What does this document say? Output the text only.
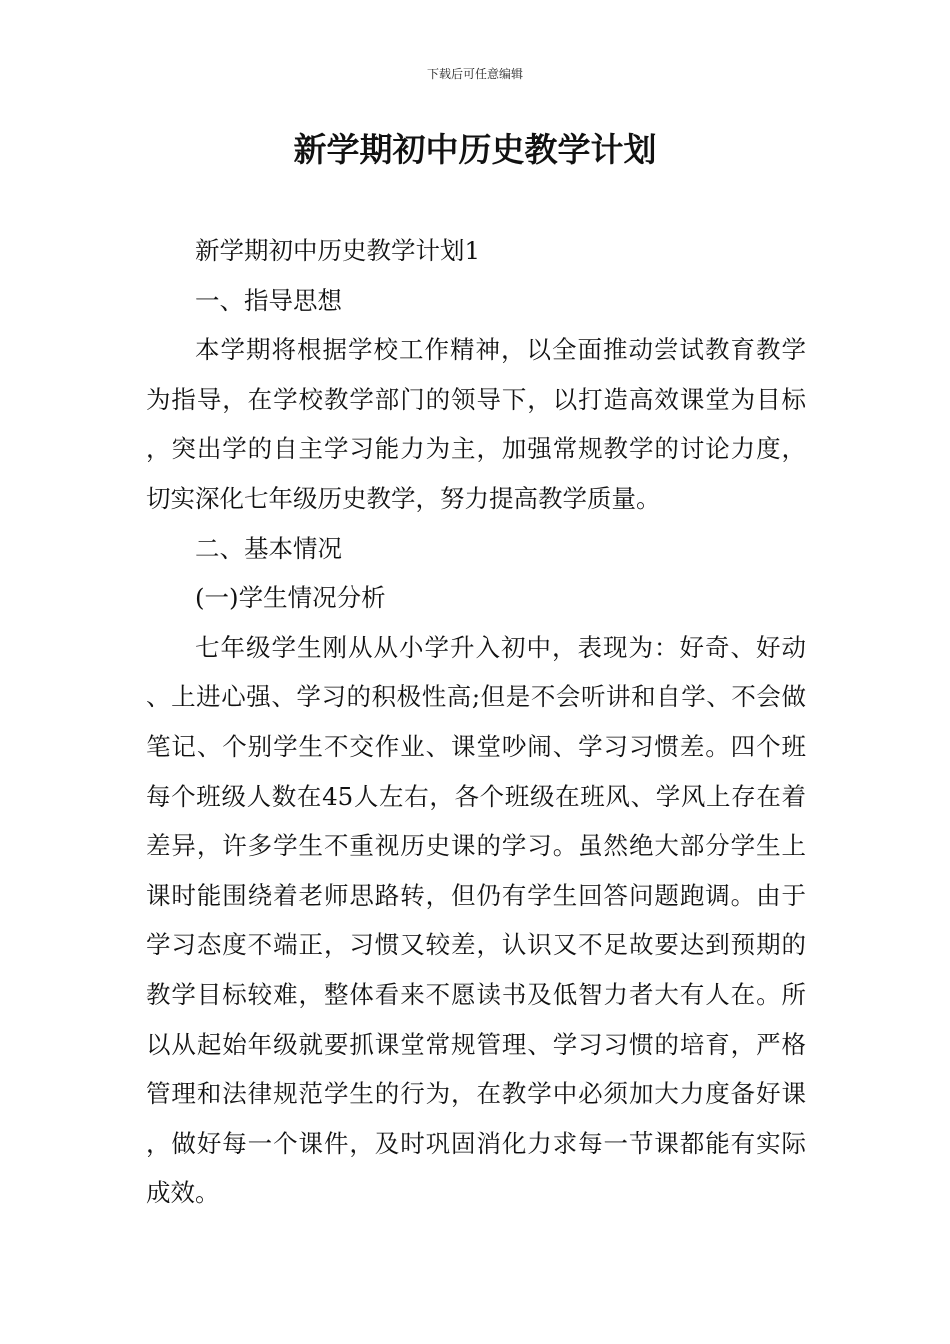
下载后可任意编辑
新学期初中历史教学计划

新学期初中历史教学计划1

一、指导思想

本学期将根据学校工作精神，以全面推动尝试教育教学为指导，在学校教学部门的领导下，以打造高效课堂为目标，突出学的自主学习能力为主，加强常规教学的讨论力度，切实深化七年级历史教学，努力提高教学质量。

二、基本情况

(一)学生情况分析

七年级学生刚从从小学升入初中，表现为：好奇、好动、上进心强、学习的积极性高;但是不会听讲和自学、不会做笔记、个别学生不交作业、课堂吵闹、学习习惯差。四个班每个班级人数在45人左右，各个班级在班风、学风上存在着差异，许多学生不重视历史课的学习。虽然绝大部分学生上课时能围绕着老师思路转，但仍有学生回答问题跑调。由于学习态度不端正，习惯又较差，认识又不足故要达到预期的教学目标较难，整体看来不愿读书及低智力者大有人在。所以从起始年级就要抓课堂常规管理、学习习惯的培育，严格管理和法律规范学生的行为，在教学中必须加大力度备好课，做好每一个课件，及时巩固消化力求每一节课都能有实际成效。
